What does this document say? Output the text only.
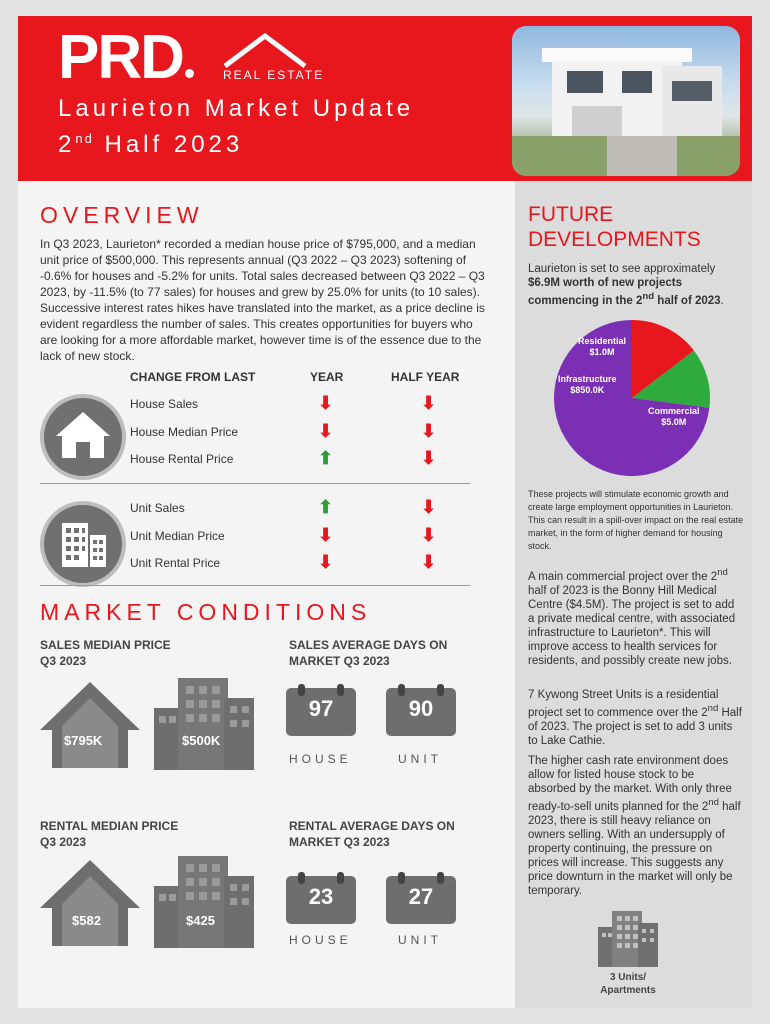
PRD	REAL ESTATE
Laurieton Market Update
2nd Half 2023
OVERVIEW
In Q3 2023, Laurieton* recorded a median house price of $795,000, and a median unit price of $500,000. This represents annual (Q3 2022 – Q3 2023) softening of -0.6% for houses and -5.2% for units. Total sales decreased between Q3 2022 – Q3 2023, by -11.5% (to 77 sales) for houses and grew by 25.0% for units (to 10 sales). Successive interest rates hikes have translated into the market, as a price decline is evident regardless the number of sales. This creates opportunities for buyers who are looking for a more affordable market, however time is of the essence due to the lack of new stock.
CHANGE FROM LAST	YEAR	HALF YEAR
House Sales	⬇	⬇
House Median Price	⬇	⬇
House Rental Price	⬆	⬇
Unit Sales	⬆	⬇
Unit Median Price	⬇	⬇
Unit Rental Price	⬇	⬇
MARKET CONDITIONS
SALES MEDIAN PRICE
Q3 2023
SALES AVERAGE DAYS ON
MARKET Q3 2023
$795K	$500K
97	90
HOUSE	UNIT
RENTAL MEDIAN PRICE
Q3 2023
RENTAL AVERAGE DAYS ON
MARKET Q3 2023
$582	$425
23	27
HOUSE	UNIT
FUTURE
DEVELOPMENTS
Laurieton is set to see approximately $6.9M worth of new projects commencing in the 2nd half of 2023.
Residential
$1.0M
Infrastructure
$850.0K
Commercial
$5.0M
These projects will stimulate economic growth and create large employment opportunities in Laurieton. This can result in a spill-over impact on the real estate market, in the form of higher demand for housing stock.
A main commercial project over the 2nd half of 2023 is the Bonny Hill Medical Centre ($4.5M). The project is set to add a private medical centre, with associated infrastructure to Laurieton*. This will improve access to health services for residents, and possibly create new jobs.
7 Kywong Street Units is a residential project set to commence over the 2nd Half of 2023. The project is set to add 3 units to Lake Cathie.
The higher cash rate environment does allow for listed house stock to be absorbed by the market. With only three ready-to-sell units planned for the 2nd half 2023, there is still heavy reliance on owners selling. With an undersupply of property continuing, the pressure on prices will increase. This suggests any price downturn in the market will only be temporary.
3 Units/
Apartments
